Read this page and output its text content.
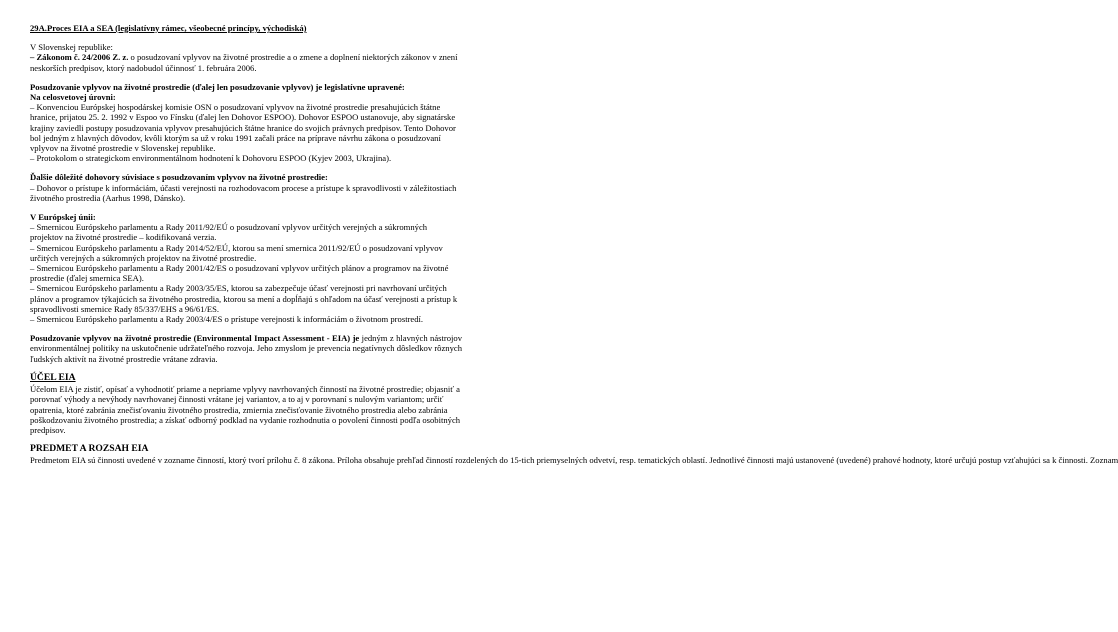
29A.Proces EIA a SEA (legislatívny rámec, všeobecné princípy, východiská)

V Slovenskej republike:

– Zákonom č. 24/2006 Z. z. o posudzovaní vplyvov na životné prostredie a o zmene a doplnení niektorých zákonov v znení neskorších predpisov, ktorý nadobudol účinnosť 1. februára 2006.

Posudzovanie vplyvov na životné prostredie (ďalej len posudzovanie vplyvov) je legislatívne upravené:

Na celosvetovej úrovni:

– Konvenciou Európskej hospodárskej komisie OSN o posudzovaní vplyvov na životné prostredie presahujúcich štátne hranice, prijatou 25. 2. 1992 v Espoo vo Fínsku (ďalej len Dohovor ESPOO). Dohovor ESPOO ustanovuje, aby signatárske krajiny zaviedli postupy posudzovania vplyvov presahujúcich štátne hranice do svojich právnych predpisov. Tento Dohovor bol jedným z hlavných dôvodov, kvôli ktorým sa už v roku 1991 začali práce na príprave návrhu zákona o posudzovaní vplyvov na životné prostredie v Slovenskej republike.

– Protokolom o strategickom environmentálnom hodnotení k Dohovoru ESPOO (Kyjev 2003, Ukrajina).

Ďalšie dôležité dohovory súvisiace s posudzovaním vplyvov na životné prostredie:

– Dohovor o prístupe k informáciám, účasti verejnosti na rozhodovacom procese a prístupe k spravodlivosti v záležitostiach životného prostredia (Aarhus 1998, Dánsko).

V Európskej únii:

– Smernicou Európskeho parlamentu a Rady 2011/92/EÚ o posudzovaní vplyvov určitých verejných a súkromných projektov na životné prostredie – kodifikovaná verzia.

– Smernicou Európskeho parlamentu a Rady 2014/52/EÚ, ktorou sa mení smernica 2011/92/EÚ o posudzovaní vplyvov určitých verejných a súkromných projektov na životné prostredie.

– Smernicou Európskeho parlamentu a Rady 2001/42/ES o posudzovaní vplyvov určitých plánov a programov na životné prostredie (ďalej smernica SEA).

– Smernicou Európskeho parlamentu a Rady 2003/35/ES, ktorou sa zabezpečuje účasť verejnosti pri navrhovaní určitých plánov a programov týkajúcich sa životného prostredia, ktorou sa mení a dopĺňajú s ohľadom na účasť verejnosti a prístup k spravodlivosti smernice Rady 85/337/EHS a 96/61/ES.

– Smernicou Európskeho parlamentu a Rady 2003/4/ES o prístupe verejnosti k informáciám o životnom prostredí.

Posudzovanie vplyvov na životné prostredie (Environmental Impact Assessment - EIA) je jedným z hlavných nástrojov environmentálnej politiky na uskutočnenie udržateľného rozvoja. Jeho zmyslom je prevencia negatívnych dôsledkov rôznych ľudských aktivít na životné prostredie vrátane zdravia.

ÚČEL EIA

Účelom EIA je zistiť, opísať a vyhodnotiť priame a nepriame vplyvy navrhovaných činností na životné prostredie; objasniť a porovnať výhody a nevýhody navrhovanej činnosti vrátane jej variantov, a to aj v porovnaní s nulovým variantom; určiť opatrenia, ktoré zabránia znečisťovaniu životného prostredia, zmiernia znečisťovanie životného prostredia alebo zabránia poškodzovaniu životného prostredia; a získať odborný podklad na vydanie rozhodnutia o povolení činnosti podľa osobitných predpisov.

PREDMET A ROZSAH EIA

Predmetom EIA sú činnosti uvedené v zozname činností, ktorý tvorí prílohu č. 8 zákona. Príloha obsahuje prehľad činností rozdelených do 15-tich priemyselných odvetví, resp. tematických oblastí. Jednotlivé činnosti majú ustanovené (uvedené) prahové hodnoty, ktoré určujú postup vzťahujúci sa k činnosti. Zoznam
